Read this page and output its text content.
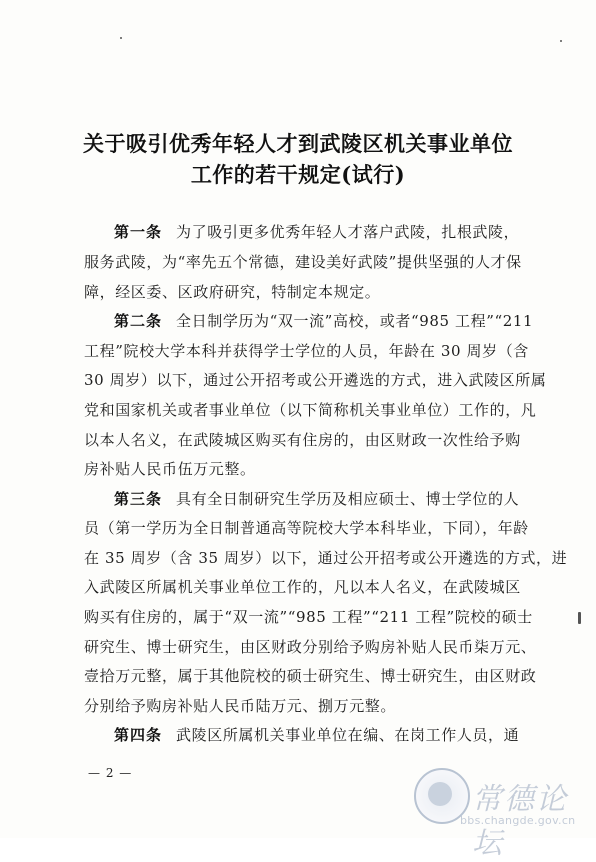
关于吸引优秀年轻人才到武陵区机关事业单位
工作的若干规定(试行)
第一条 为了吸引更多优秀年轻人才落户武陵，扎根武陵，
服务武陵，为“率先五个常德，建设美好武陵”提供坚强的人才保
障，经区委、区政府研究，特制定本规定。
第二条 全日制学历为“双一流”高校，或者“985 工程”“211
工程”院校大学本科并获得学士学位的人员，年龄在 30 周岁（含
30 周岁）以下，通过公开招考或公开遴选的方式，进入武陵区所属
党和国家机关或者事业单位（以下简称机关事业单位）工作的，凡
以本人名义，在武陵城区购买有住房的，由区财政一次性给予购
房补贴人民币伍万元整。
第三条 具有全日制研究生学历及相应硕士、博士学位的人
员（第一学历为全日制普通高等院校大学本科毕业，下同），年龄
在 35 周岁（含 35 周岁）以下，通过公开招考或公开遴选的方式，进
入武陵区所属机关事业单位工作的，凡以本人名义，在武陵城区
购买有住房的，属于“双一流”“985 工程”“211 工程”院校的硕士
研究生、博士研究生，由区财政分别给予购房补贴人民币柒万元、
壹拾万元整，属于其他院校的硕士研究生、博士研究生，由区财政
分别给予购房补贴人民币陆万元、捌万元整。
第四条 武陵区所属机关事业单位在编、在岗工作人员，通
— 2 —
常德论坛
bbs.changde.gov.cn
